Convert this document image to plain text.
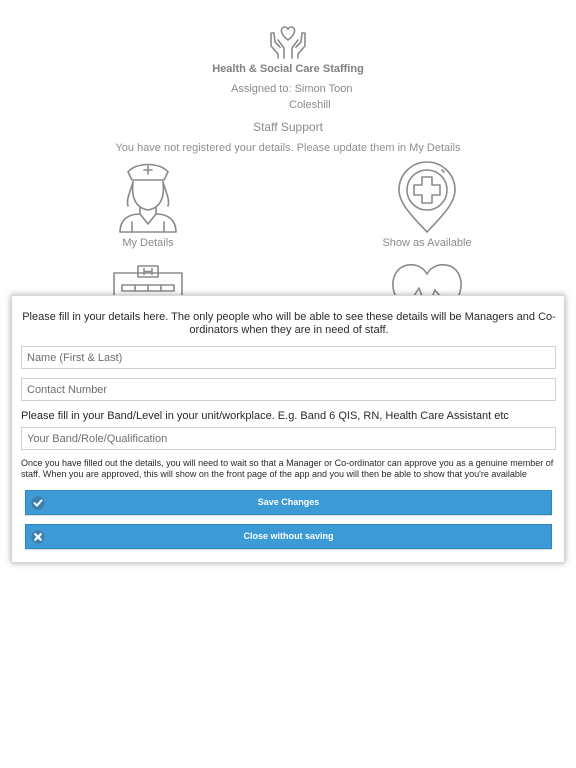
Health & Social Care Staffing
Assigned to: Simon Toon
Coleshill
Staff Support
You have not registered your details. Please update them in My Details
My Details	Show as Available
Please fill in your details here. The only people who will be able to see these details will be Managers and Co-ordinators when they are in need of staff.
Name (First & Last)
Contact Number
Please fill in your Band/Level in your unit/workplace. E.g. Band 6 QIS, RN, Health Care Assistant etc
Your Band/Role/Qualification
Once you have filled out the details, you will need to wait so that a Manager or Co-ordinator can approve you as a genuine member of staff. When you are approved, this will show on the front page of the app and you will then be able to show that you're available
Save Changes
Close without saving
